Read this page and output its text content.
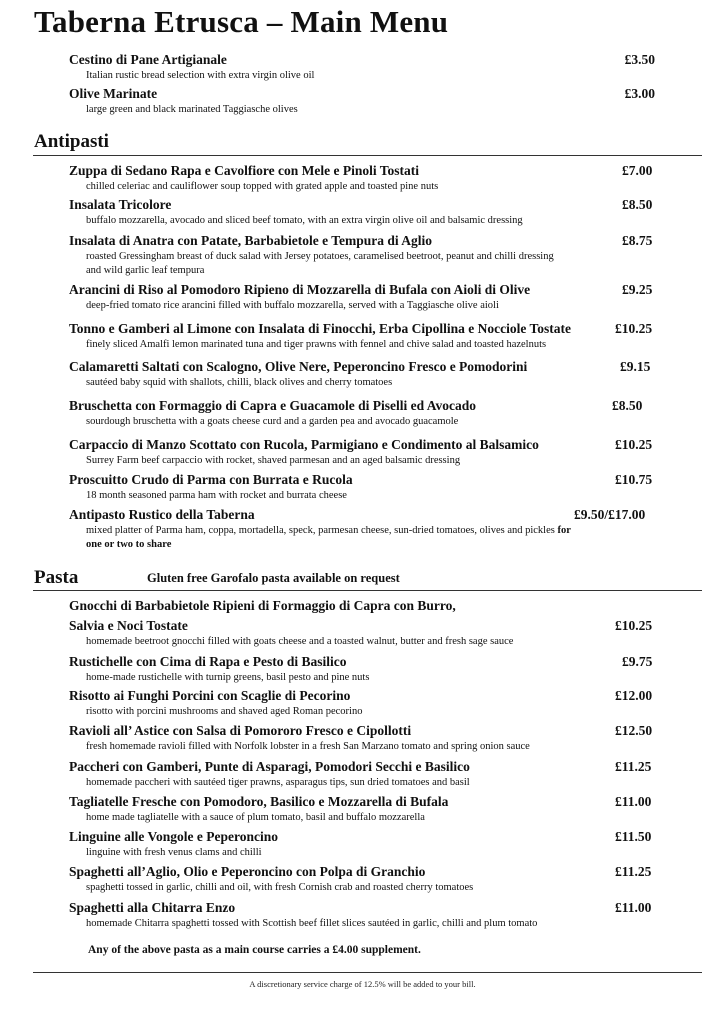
Taberna Etrusca – Main Menu
Cestino di Pane Artigianale
Italian rustic bread selection with extra virgin olive oil
£3.50
Olive Marinate
large green and black marinated Taggiasche olives
£3.00
Antipasti
Zuppa di Sedano Rapa e Cavolfiore con Mele e Pinoli Tostati
chilled celeriac and cauliflower soup topped with grated apple and toasted pine nuts
£7.00
Insalata Tricolore
buffalo mozzarella, avocado and sliced beef tomato, with an extra virgin olive oil and balsamic dressing
£8.50
Insalata di Anatra con Patate, Barbabietole e Tempura di Aglio
roasted Gressingham breast of duck salad with Jersey potatoes, caramelised beetroot, peanut and chilli dressing
and wild garlic leaf tempura
£8.75
Arancini di Riso al Pomodoro Ripieno di Mozzarella di Bufala con Aioli di Olive
deep-fried tomato rice arancini filled with buffalo mozzarella, served with a Taggiasche olive aioli
£9.25
Tonno e Gamberi al Limone con Insalata di Finocchi, Erba Cipollina e Nocciole Tostate
finely sliced Amalfi lemon marinated tuna and tiger prawns with fennel and chive salad and toasted hazelnuts
£10.25
Calamaretti Saltati con Scalogno, Olive Nere, Peperoncino Fresco e Pomodorini
sautéed baby squid with shallots, chilli, black olives and cherry tomatoes
£9.15
Bruschetta con Formaggio di Capra e Guacamole di Piselli ed Avocado
sourdough bruschetta with a goats cheese curd and a garden pea and avocado guacamole
£8.50
Carpaccio di Manzo Scottato con Rucola, Parmigiano e Condimento al Balsamico
Surrey Farm beef carpaccio with rocket, shaved parmesan and an aged balsamic dressing
£10.25
Proscuitto Crudo di Parma con Burrata e Rucola
18 month seasoned parma ham with rocket and burrata cheese
£10.75
Antipasto Rustico della Taberna
mixed platter of Parma ham, coppa, mortadella, speck, parmesan cheese, sun-dried tomatoes, olives and pickles for
one or two to share
£9.50/£17.00
Pasta	Gluten free Garofalo pasta available on request
Gnocchi di Barbabietole Ripieni di Formaggio di Capra con Burro,
Salvia e Noci Tostate
homemade beetroot gnocchi filled with goats cheese and a toasted walnut, butter and fresh sage sauce
£10.25
Rustichelle con Cima di Rapa e Pesto di Basilico
home-made rustichelle with turnip greens, basil pesto and pine nuts
£9.75
Risotto ai Funghi Porcini con Scaglie di Pecorino
risotto with porcini mushrooms and shaved aged Roman pecorino
£12.00
Ravioli all’ Astice con Salsa di Pomororo Fresco e Cipollotti
fresh homemade ravioli filled with Norfolk lobster in a fresh San Marzano tomato and spring onion sauce
£12.50
Paccheri con Gamberi, Punte di Asparagi, Pomodori Secchi e Basilico
homemade paccheri with sautéed tiger prawns, asparagus tips, sun dried tomatoes and basil
£11.25
Tagliatelle Fresche con Pomodoro, Basilico e Mozzarella di Bufala
home made tagliatelle with a sauce of plum tomato, basil and buffalo mozzarella
£11.00
Linguine alle Vongole e Peperoncino
linguine with fresh venus clams and chilli
£11.50
Spaghetti all’Aglio, Olio e Peperoncino con Polpa di Granchio
spaghetti tossed in garlic, chilli and oil, with fresh Cornish crab and roasted cherry tomatoes
£11.25
Spaghetti alla Chitarra Enzo
homemade Chitarra spaghetti tossed with Scottish beef fillet slices sautéed in garlic, chilli and plum tomato
£11.00
Any of the above pasta as a main course carries a £4.00 supplement.
A discretionary service charge of 12.5% will be added to your bill.
